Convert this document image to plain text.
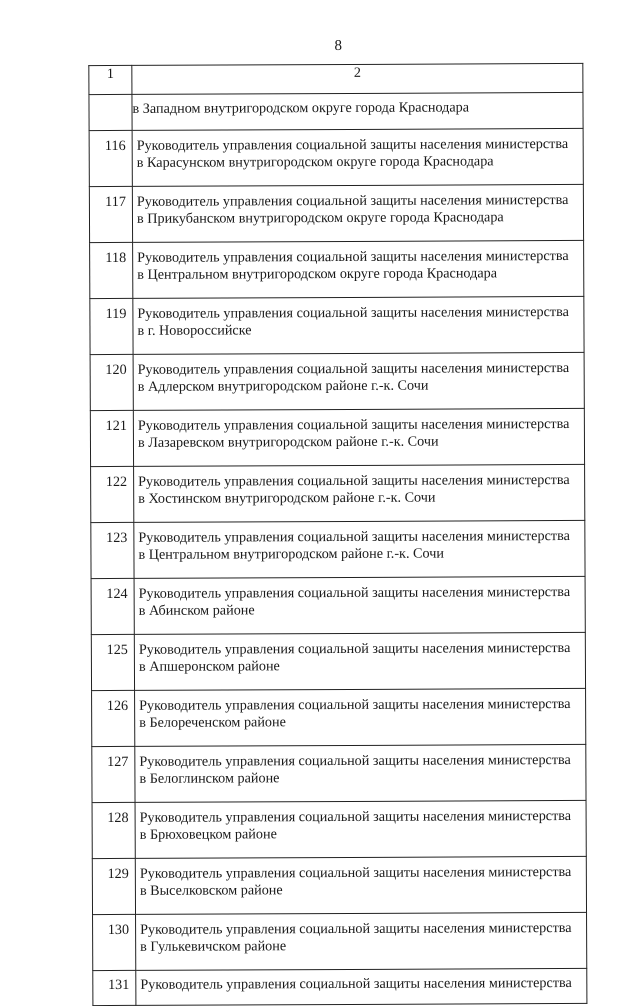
8
1	2
	в Западном внутригородском округе города Краснодара
116	Руководитель управления социальной защиты населения министерства
в Карасунском внутригородском округе города Краснодара

117	Руководитель управления социальной защиты населения министерства
в Прикубанском внутригородском округе города Краснодара

118	Руководитель управления социальной защиты населения министерства
в Центральном внутригородском округе города Краснодара

119	Руководитель управления социальной защиты населения министерства
в г. Новороссийске

120	Руководитель управления социальной защиты населения министерства
в Адлерском внутригородском районе г.-к. Сочи

121	Руководитель управления социальной защиты населения министерства
в Лазаревском внутригородском районе г.-к. Сочи

122	Руководитель управления социальной защиты населения министерства
в Хостинском внутригородском районе г.-к. Сочи

123	Руководитель управления социальной защиты населения министерства
в Центральном внутригородском районе г.-к. Сочи

124	Руководитель управления социальной защиты населения министерства
в Абинском районе

125	Руководитель управления социальной защиты населения министерства
в Апшеронском районе

126	Руководитель управления социальной защиты населения министерства
в Белореченском районе

127	Руководитель управления социальной защиты населения министерства
в Белоглинском районе

128	Руководитель управления социальной защиты населения министерства
в Брюховецком районе

129	Руководитель управления социальной защиты населения министерства
в Выселковском районе

130	Руководитель управления социальной защиты населения министерства
в Гулькевичском районе

131	Руководитель управления социальной защиты населения министерства
